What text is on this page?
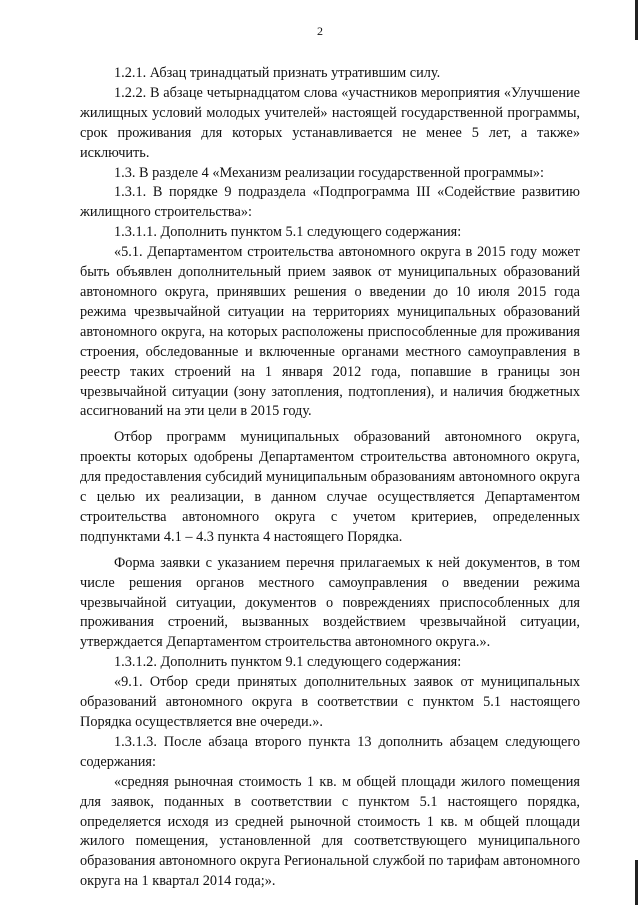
2

1.2.1. Абзац тринадцатый признать утратившим силу.

1.2.2. В абзаце четырнадцатом слова «участников мероприятия «Улучшение жилищных условий молодых учителей» настоящей государственной программы, срок проживания для которых устанавливается не менее 5 лет, а также» исключить.

1.3. В разделе 4 «Механизм реализации государственной программы»:

1.3.1. В порядке 9 подраздела «Подпрограмма III «Содействие развитию жилищного строительства»:

1.3.1.1. Дополнить пунктом 5.1 следующего содержания:

«5.1. Департаментом строительства автономного округа в 2015 году может быть объявлен дополнительный прием заявок от муниципальных образований автономного округа, принявших решения о введении до 10 июля 2015 года режима чрезвычайной ситуации на территориях муниципальных образований автономного округа, на которых расположены приспособленные для проживания строения, обследованные и включенные органами местного самоуправления в реестр таких строений на 1 января 2012 года, попавшие в границы зон чрезвычайной ситуации (зону затопления, подтопления), и наличия бюджетных ассигнований на эти цели в 2015 году.

Отбор программ муниципальных образований автономного округа, проекты которых одобрены Департаментом строительства автономного округа, для предоставления субсидий муниципальным образованиям автономного округа с целью их реализации, в данном случае осуществляется Департаментом строительства автономного округа с учетом критериев, определенных подпунктами 4.1 – 4.3 пункта 4 настоящего Порядка.

Форма заявки с указанием перечня прилагаемых к ней документов, в том числе решения органов местного самоуправления о введении режима чрезвычайной ситуации, документов о повреждениях приспособленных для проживания строений, вызванных воздействием чрезвычайной ситуации, утверждается Департаментом строительства автономного округа.».

1.3.1.2. Дополнить пунктом 9.1 следующего содержания:

«9.1. Отбор среди принятых дополнительных заявок от муниципальных образований автономного округа в соответствии с пунктом 5.1 настоящего Порядка осуществляется вне очереди.».

1.3.1.3. После абзаца второго пункта 13 дополнить абзацем следующего содержания:

«средняя рыночная стоимость 1 кв. м общей площади жилого помещения для заявок, поданных в соответствии с пунктом 5.1 настоящего порядка, определяется исходя из средней рыночной стоимость 1 кв. м общей площади жилого помещения, установленной для соответствующего муниципального образования автономного округа Региональной службой по тарифам автономного округа на 1 квартал 2014 года;».
